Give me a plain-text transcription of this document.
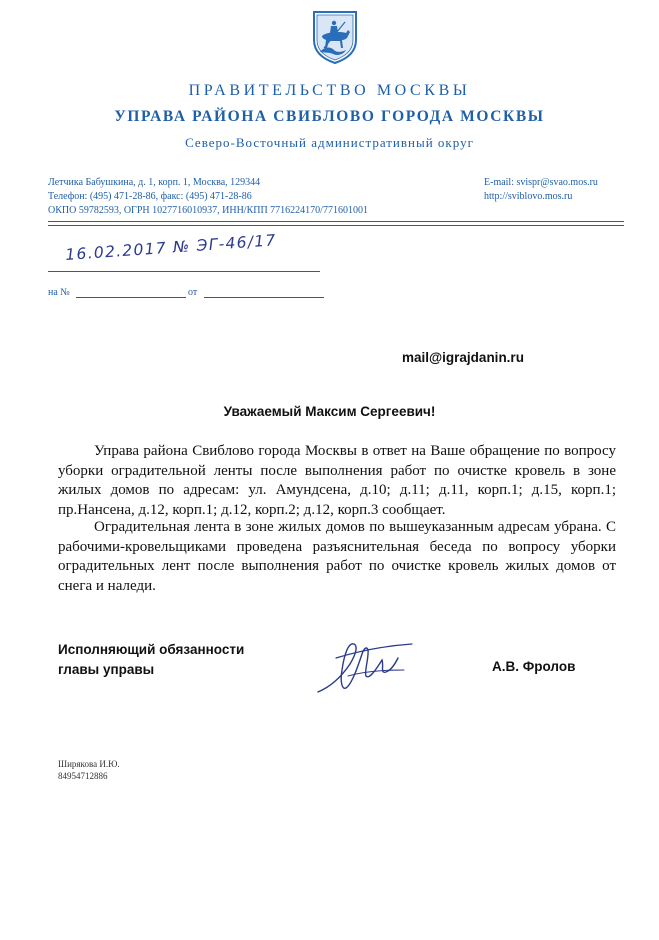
ПРАВИТЕЛЬСТВО МОСКВЫ
УПРАВА РАЙОНА СВИБЛОВО ГОРОДА МОСКВЫ
Северо-Восточный административный округ
Летчика Бабушкина, д. 1, корп. 1, Москва, 129344
Телефон: (495) 471-28-86, факс: (495) 471-28-86
ОКПО 59782593, ОГРН 1027716010937, ИНН/КПП 7716224170/771601001
E-mail: svispr@svao.mos.ru
http://sviblovo.mos.ru
16.02.2017 № ЭГ-46/17
на №	от
mail@igrajdanin.ru
Уважаемый Максим Сергеевич!
Управа района Свиблово города Москвы в ответ на Ваше обращение по вопросу уборки оградительной ленты после выполнения работ по очистке кровель в зоне жилых домов по адресам: ул. Амундсена, д.10; д.11; д.11, корп.1; д.15, корп.1; пр.Нансена, д.12, корп.1; д.12, корп.2; д.12, корп.3 сообщает.
Оградительная лента в зоне жилых домов по вышеуказанным адресам убрана. С рабочими-кровельщиками проведена разъяснительная беседа по вопросу уборки оградительных лент после выполнения работ по очистке кровель жилых домов от снега и наледи.
Исполняющий обязанности
главы управы	А.В. Фролов
Ширякова И.Ю.
84954712886
